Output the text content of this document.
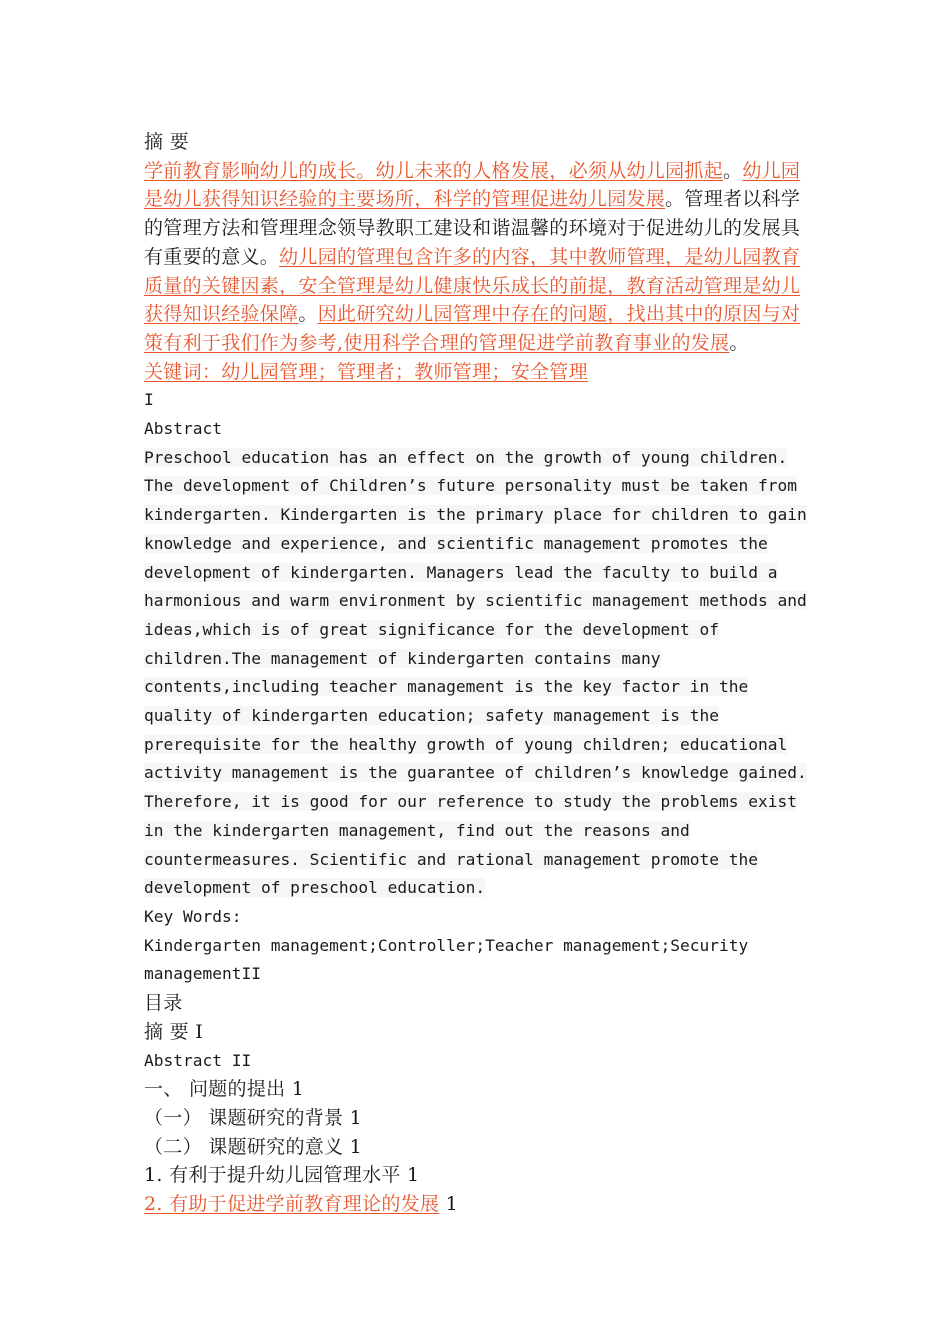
摘 要
学前教育影响幼儿的成长。幼儿未来的人格发展，必须从幼儿园抓起。幼儿园
是幼儿获得知识经验的主要场所，科学的管理促进幼儿园发展。管理者以科学
的管理方法和管理理念领导教职工建设和谐温馨的环境对于促进幼儿的发展具
有重要的意义。幼儿园的管理包含许多的内容，其中教师管理，是幼儿园教育
质量的关键因素，安全管理是幼儿健康快乐成长的前提，教育活动管理是幼儿
获得知识经验保障。因此研究幼儿园管理中存在的问题，找出其中的原因与对
策有利于我们作为参考,使用科学合理的管理促进学前教育事业的发展。
关键词：幼儿园管理；管理者；教师管理；安全管理
I
Abstract
Preschool education has an effect on the growth of young children.
The development of Children’s future personality must be taken from
kindergarten. Kindergarten is the primary place for children to gain
knowledge and experience, and scientific management promotes the
development of kindergarten. Managers lead the faculty to build a
harmonious and warm environment by scientific management methods and
ideas,which is of great significance for the development of
children.The management of kindergarten contains many
contents,including teacher management is the key factor in the
quality of kindergarten education; safety management is the
prerequisite for the healthy growth of young children; educational
activity management is the guarantee of children’s knowledge gained.
Therefore, it is good for our reference to study the problems exist
in the kindergarten management, find out the reasons and
countermeasures. Scientific and rational management promote the
development of preschool education.
Key Words:
Kindergarten management;Controller;Teacher management;Security
managementII
目录
摘 要 I
Abstract II
一、 问题的提出 1
（一） 课题研究的背景 1
（二） 课题研究的意义 1
1. 有利于提升幼儿园管理水平 1
2. 有助于促进学前教育理论的发展 1
